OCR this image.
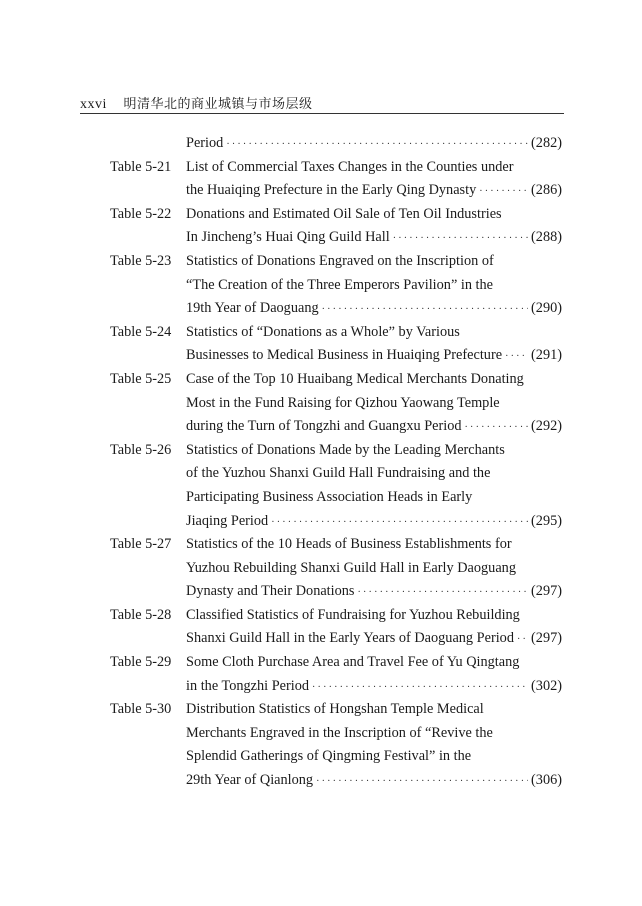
xxvi 明清华北的商业城镇与市场层级
Period ·····	(282)
Table 5-21 List of Commercial Taxes Changes in the Counties under
the Huaiqing Prefecture in the Early Qing Dynasty ·····	(286)
Table 5-22 Donations and Estimated Oil Sale of Ten Oil Industries
In Jincheng’s Huai Qing Guild Hall ·····	(288)
Table 5-23 Statistics of Donations Engraved on the Inscription of
“The Creation of the Three Emperors Pavilion” in the
19th Year of Daoguang ·····	(290)
Table 5-24 Statistics of “Donations as a Whole” by Various
Businesses to Medical Business in Huaiqing Prefecture ····· (291)
Table 5-25 Case of the Top 10 Huaibang Medical Merchants Donating
Most in the Fund Raising for Qizhou Yaowang Temple
during the Turn of Tongzhi and Guangxu Period ·····	(292)
Table 5-26 Statistics of Donations Made by the Leading Merchants
of the Yuzhou Shanxi Guild Hall Fundraising and the
Participating Business Association Heads in Early
Jiaqing Period ·····	(295)
Table 5-27 Statistics of the 10 Heads of Business Establishments for
Yuzhou Rebuilding Shanxi Guild Hall in Early Daoguang
Dynasty and Their Donations ·····	(297)
Table 5-28 Classified Statistics of Fundraising for Yuzhou Rebuilding
Shanxi Guild Hall in the Early Years of Daoguang Period ····· (297)
Table 5-29 Some Cloth Purchase Area and Travel Fee of Yu Qingtang
in the Tongzhi Period ·····	(302)
Table 5-30 Distribution Statistics of Hongshan Temple Medical
Merchants Engraved in the Inscription of “Revive the
Splendid Gatherings of Qingming Festival” in the
29th Year of Qianlong ·····	(306)
